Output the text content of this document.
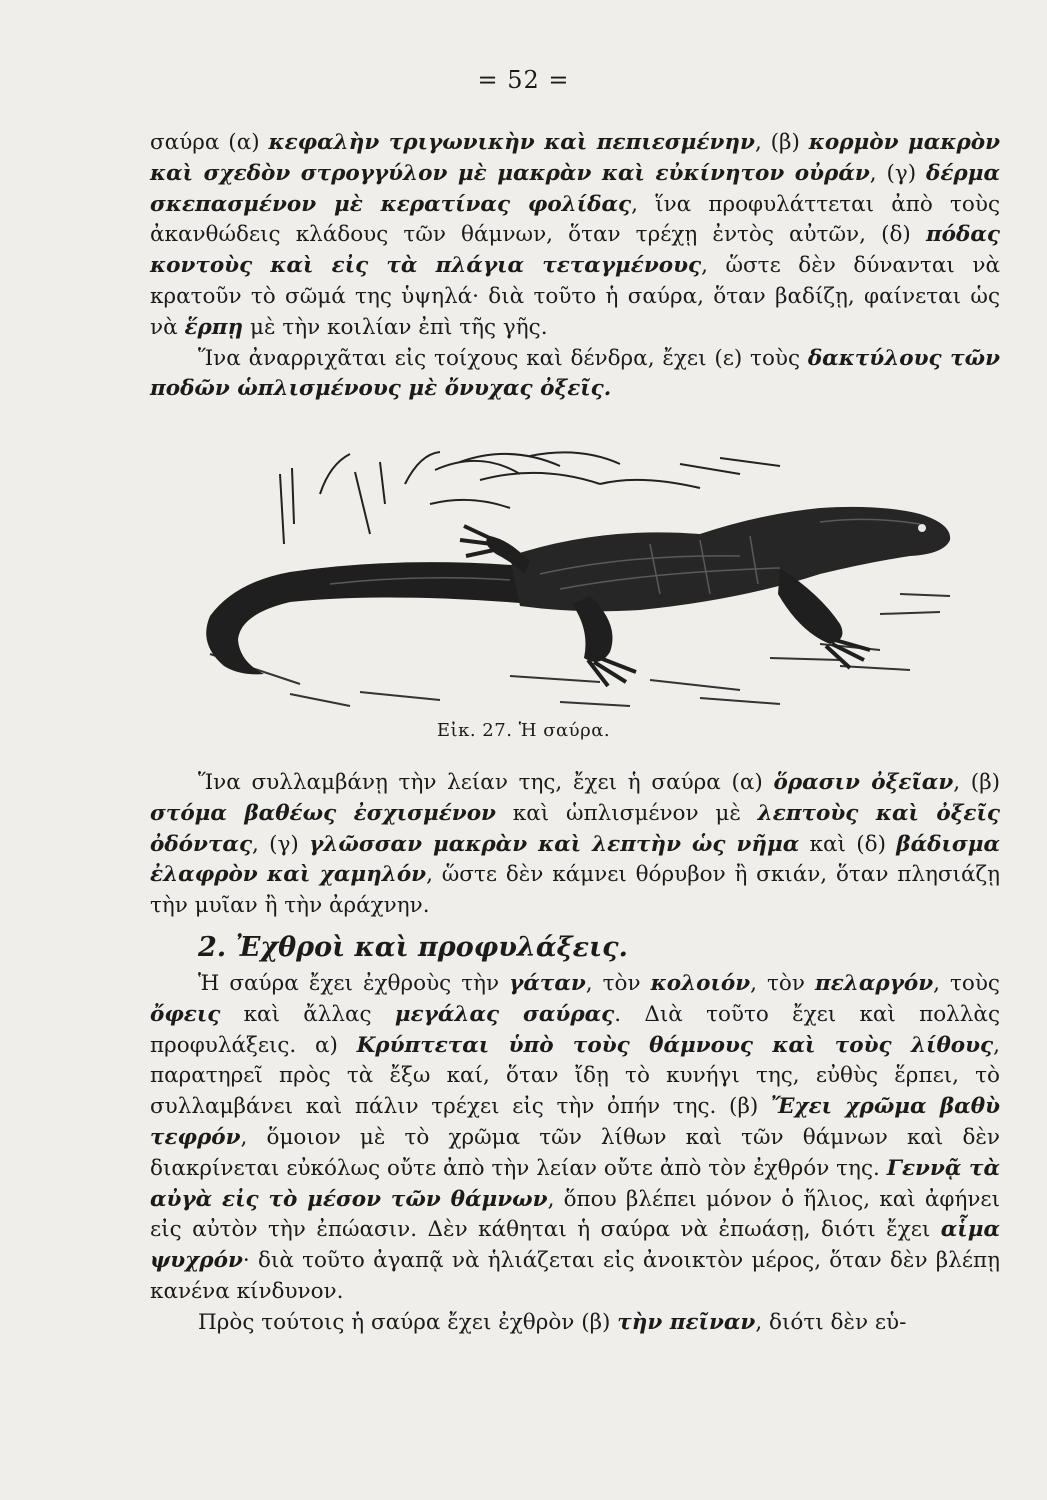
= 52 =

σαύρα (α) κεφαλὴν τριγωνικὴν καὶ πεπιεσμένην, (β) κορμὸν μακρὸν καὶ σχεδὸν στρογγύλον μὲ μακρὰν καὶ εὐκίνητον οὐράν, (γ) δέρμα σκεπασμένον μὲ κερατίνας φολίδας, ἵνα προφυλάττεται ἀπὸ τοὺς ἀκανθώδεις κλάδους τῶν θάμνων, ὅταν τρέχῃ ἐντὸς αὐτῶν, (δ) πόδας κοντοὺς καὶ εἰς τὰ πλάγια τεταγμένους, ὥστε δὲν δύνανται νὰ κρατοῦν τὸ σῶμά της ὑψηλά· διὰ τοῦτο ἡ σαύρα, ὅταν βαδίζῃ, φαίνεται ὡς νὰ ἕρπῃ μὲ τὴν κοιλίαν ἐπὶ τῆς γῆς.

Ἵνα ἀναρριχᾶται εἰς τοίχους καὶ δένδρα, ἔχει (ε) τοὺς δακτύλους τῶν ποδῶν ὡπλισμένους μὲ ὄνυχας ὀξεῖς.

Εἰκ. 27. Ἡ σαύρα.

Ἵνα συλλαμβάνῃ τὴν λείαν της, ἔχει ἡ σαύρα (α) ὅρασιν ὀξεῖαν, (β) στόμα βαθέως ἐσχισμένον καὶ ὡπλισμένον μὲ λεπτοὺς καὶ ὀξεῖς ὀδόντας, (γ) γλῶσσαν μακρὰν καὶ λεπτὴν ὡς νῆμα καὶ (δ) βάδισμα ἐλαφρὸν καὶ χαμηλόν, ὥστε δὲν κάμνει θόρυβον ἢ σκιάν, ὅταν πλησιάζῃ τὴν μυῖαν ἢ τὴν ἀράχνην.

2. Ἐχθροὶ καὶ προφυλάξεις.

Ἡ σαύρα ἔχει ἐχθροὺς τὴν γάταν, τὸν κολοιόν, τὸν πελαργόν, τοὺς ὄφεις καὶ ἄλλας μεγάλας σαύρας. Διὰ τοῦτο ἔχει καὶ πολλὰς προφυλάξεις. α) Κρύπτεται ὑπὸ τοὺς θάμνους καὶ τοὺς λίθους, παρατηρεῖ πρὸς τὰ ἔξω καί, ὅταν ἴδῃ τὸ κυνήγι της, εὐθὺς ἕρπει, τὸ συλλαμβάνει καὶ πάλιν τρέχει εἰς τὴν ὀπήν της. (β) Ἔχει χρῶμα βαθὺ τεφρόν, ὅμοιον μὲ τὸ χρῶμα τῶν λίθων καὶ τῶν θάμνων καὶ δὲν διακρίνεται εὐκόλως οὔτε ἀπὸ τὴν λείαν οὔτε ἀπὸ τὸν ἐχθρόν της. Γεννᾷ τὰ αὐγὰ εἰς τὸ μέσον τῶν θάμνων, ὅπου βλέπει μόνον ὁ ἥλιος, καὶ ἀφήνει εἰς αὐτὸν τὴν ἐπώασιν. Δὲν κάθηται ἡ σαύρα νὰ ἐπωάσῃ, διότι ἔχει αἷμα ψυχρόν· διὰ τοῦτο ἀγαπᾷ νὰ ἡλιάζεται εἰς ἀνοικτὸν μέρος, ὅταν δὲν βλέπῃ κανένα κίνδυνον.

Πρὸς τούτοις ἡ σαύρα ἔχει ἐχθρὸν (β) τὴν πεῖναν, διότι δὲν εὑ-
